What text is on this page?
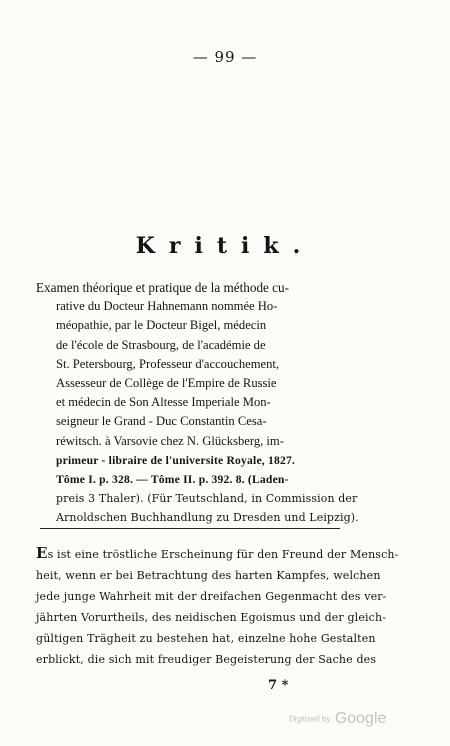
— 99 —
Kritik.
Examen théorique et pratique de la méthode cu-
rative du Docteur Hahnemann nommée Ho-
méopathie, par le Docteur Bigel, médecin
de l'école de Strasbourg, de l'académie de
St. Petersbourg, Professeur d'accouchement,
Assesseur de Collège de l'Empire de Russie
et médecin de Son Altesse Imperiale Mon-
seigneur le Grand - Duc Constantin Cesa-
réwitsch. à Varsovie chez N. Glücksberg, im-
primeur - libraire de l'universite Royale, 1827.
Tôme I. p. 328. — Tôme II. p. 392. 8. (Laden-
preis 3 Thaler). (Für Teutschland, in Commission der
Arnoldschen Buchhandlung zu Dresden und Leipzig).
Es ist eine tröstliche Erscheinung für den Freund der Mensch-
heit, wenn er bei Betrachtung des harten Kampfes, welchen
jede junge Wahrheit mit der dreifachen Gegenmacht des ver-
jährten Vorurtheils, des neidischen Egoismus und der gleich-
gültigen Trägheit zu bestehen hat, einzelne hohe Gestalten
erblickt, die sich mit freudiger Begeisterung der Sache des
7 *
Digitized by Google
